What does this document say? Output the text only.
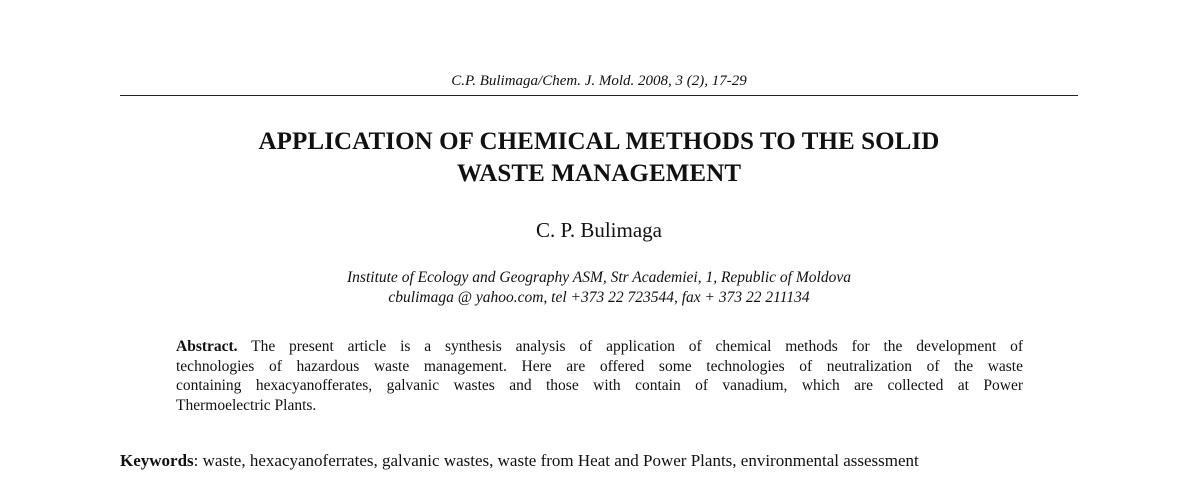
C.P. Bulimaga/Chem. J. Mold. 2008, 3 (2), 17-29
APPLICATION OF CHEMICAL METHODS TO THE SOLID
WASTE MANAGEMENT
C. P. Bulimaga
Institute of Ecology and Geography ASM, Str Academiei, 1, Republic of Moldova
cbulimaga @ yahoo.com, tel +373 22 723544, fax + 373 22 211134
Abstract. The present article is a synthesis analysis of application of chemical methods for the development of
technologies of hazardous waste management. Here are offered some technologies of neutralization of the waste
containing hexacyanofferates, galvanic wastes and those with contain of vanadium, which are collected at Power
Thermoelectric Plants.
Keywords: waste, hexacyanoferrates, galvanic wastes, waste from Heat and Power Plants, environmental assessment
